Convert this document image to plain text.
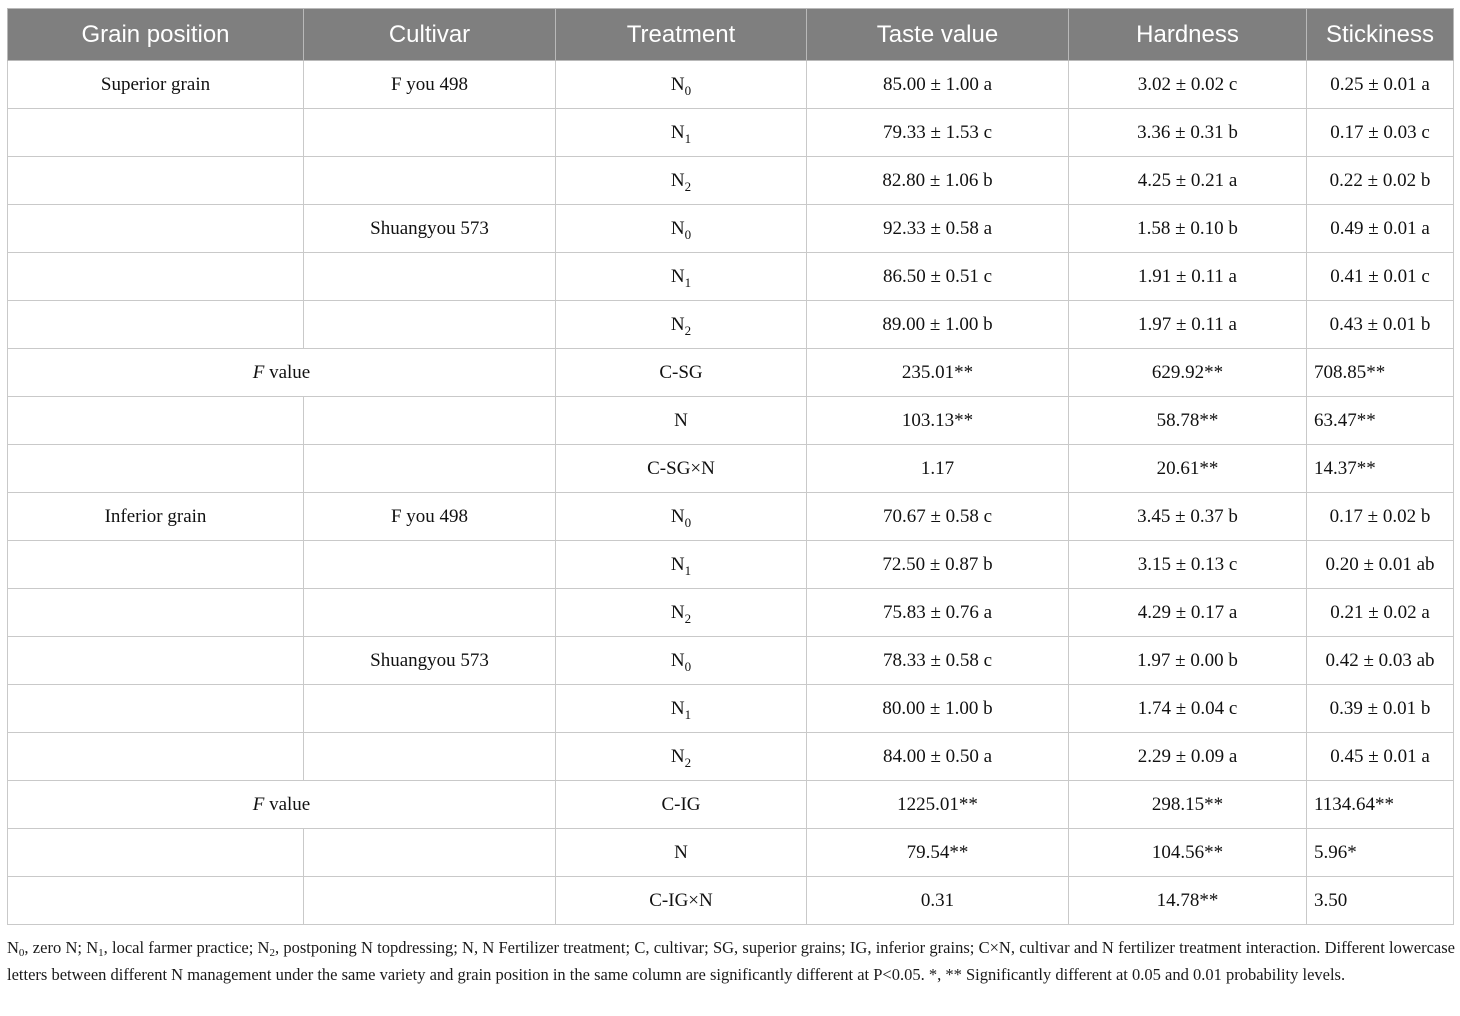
Grain position	Cultivar	Treatment	Taste value	Hardness	Stickiness
Superior grain	F you 498	$N_0$	85.00 ± 1.00 a	3.02 ± 0.02 c	0.25 ± 0.01 a
		$N_1$	79.33 ± 1.53 c	3.36 ± 0.31 b	0.17 ± 0.03 c
		$N_2$	82.80 ± 1.06 b	4.25 ± 0.21 a	0.22 ± 0.02 b
	Shuangyou 573	$N_0$	92.33 ± 0.58 a	1.58 ± 0.10 b	0.49 ± 0.01 a
		$N_1$	86.50 ± 0.51 c	1.91 ± 0.11 a	0.41 ± 0.01 c
		$N_2$	89.00 ± 1.00 b	1.97 ± 0.11 a	0.43 ± 0.01 b
F value		C-SG	235.01**	629.92**	708.85**
		N	103.13**	58.78**	63.47**
		C-SG×N	1.17	20.61**	14.37**
Inferior grain	F you 498	$N_0$	70.67 ± 0.58 c	3.45 ± 0.37 b	0.17 ± 0.02 b
		$N_1$	72.50 ± 0.87 b	3.15 ± 0.13 c	0.20 ± 0.01 ab
		$N_2$	75.83 ± 0.76 a	4.29 ± 0.17 a	0.21 ± 0.02 a
	Shuangyou 573	$N_0$	78.33 ± 0.58 c	1.97 ± 0.00 b	0.42 ± 0.03 ab
		$N_1$	80.00 ± 1.00 b	1.74 ± 0.04 c	0.39 ± 0.01 b
		$N_2$	84.00 ± 0.50 a	2.29 ± 0.09 a	0.45 ± 0.01 a
F value		C-IG	1225.01**	298.15**	1134.64**
		N	79.54**	104.56**	5.96*
		C-IG×N	0.31	14.78**	3.50
N0, zero N; N1, local farmer practice; N2, postponing N topdressing; N, N Fertilizer treatment; C, cultivar; SG, superior grains; IG, inferior grains; C×N, cultivar and N fertilizer treatment interaction. Different lowercase letters between different N management under the same variety and grain position in the same column are significantly different at P<0.05. *, ** Significantly different at 0.05 and 0.01 probability levels.
